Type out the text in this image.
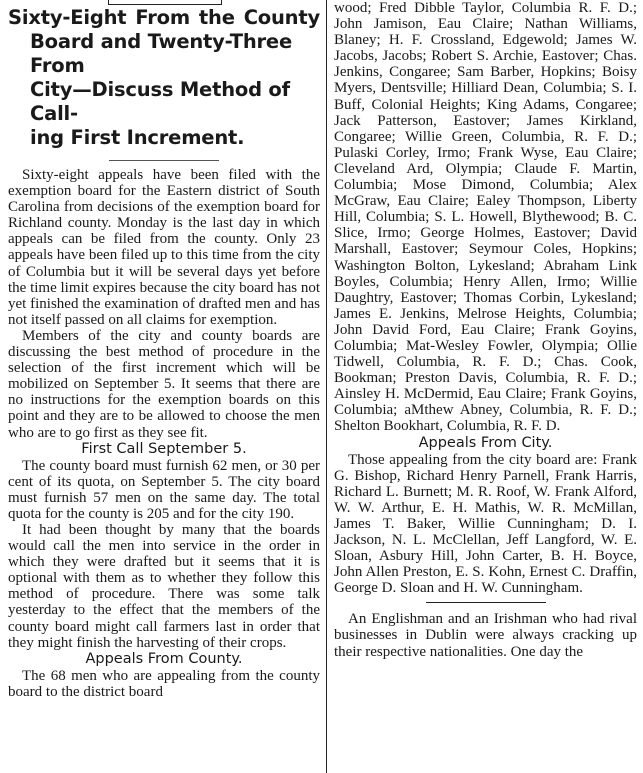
Sixty-Eight From the County
Board and Twenty-Three From
City—Discuss Method of Call-
ing First Increment.

Sixty-eight appeals have been filed with the exemption board for the Eastern district of South Carolina from decisions of the exemption board for Richland county. Monday is the last day in which appeals can be filed from the county. Only 23 appeals have been filed up to this time from the city of Columbia but it will be several days yet before the time limit expires because the city board has not yet finished the examination of drafted men and has not itself passed on all claims for exemption.

Members of the city and county boards are discussing the best method of procedure in the selection of the first increment which will be mobilized on September 5. It seems that there are no instructions for the exemption boards on this point and they are to be allowed to choose the men who are to go first as they see fit.

First Call September 5.

The county board must furnish 62 men, or 30 per cent of its quota, on September 5. The city board must furnish 57 men on the same day. The total quota for the county is 205 and for the city 190.

It had been thought by many that the boards would call the men into service in the order in which they were drafted but it seems that it is optional with them as to whether they follow this method of procedure. There was some talk yesterday to the effect that the members of the county board might call farmers last in order that they might finish the harvesting of their crops.

Appeals From County.

The 68 men who are appealing from the county board to the district board

wood; Fred Dibble Taylor, Columbia R. F. D.; John Jamison, Eau Claire; Nathan Williams, Blaney; H. F. Crossland, Edgewold; James W. Jacobs, Jacobs; Robert S. Archie, Eastover; Chas. Jenkins, Congaree; Sam Barber, Hopkins; Boisy Myers, Dentsville; Hilliard Dean, Columbia; S. I. Buff, Colonial Heights; King Adams, Congaree; Jack Patterson, Eastover; James Kirkland, Congaree; Willie Green, Columbia, R. F. D.; Pulaski Corley, Irmo; Frank Wyse, Eau Claire; Cleveland Ard, Olympia; Claude F. Martin, Columbia; Mose Dimond, Columbia; Alex McGraw, Eau Claire; Ealey Thompson, Liberty Hill, Columbia; S. L. Howell, Blythewood; B. C. Slice, Irmo; George Holmes, Eastover; David Marshall, Eastover; Seymour Coles, Hopkins; Washington Bolton, Lykesland; Abraham Link Boyles, Columbia; Henry Allen, Irmo; Willie Daughtry, Eastover; Thomas Corbin, Lykesland; James E. Jenkins, Melrose Heights, Columbia; John David Ford, Eau Claire; Frank Goyins, Columbia; Mat-Wesley Fowler, Olympia; Ollie Tidwell, Columbia, R. F. D.; Chas. Cook, Bookman; Preston Davis, Columbia, R. F. D.; Ainsley H. McDermid, Eau Claire; Frank Goyins, Columbia; aMthew Abney, Columbia, R. F. D.; Shelton Bookhart, Columbia, R. F. D.

Appeals From City.

Those appealing from the city board are: Frank G. Bishop, Richard Henry Parnell, Frank Harris, Richard L. Burnett; M. R. Roof, W. Frank Alford, W. W. Arthur, E. H. Mathis, W. R. McMillan, James T. Baker, Willie Cunningham; D. I. Jackson, N. L. McClellan, Jeff Langford, W. E. Sloan, Asbury Hill, John Carter, B. H. Boyce, John Allen Preston, E. S. Kohn, Ernest C. Draffin, George D. Sloan and H. W. Cunningham.

An Englishman and an Irishman who had rival businesses in Dublin were always cracking up their respective nationalities. One day the
